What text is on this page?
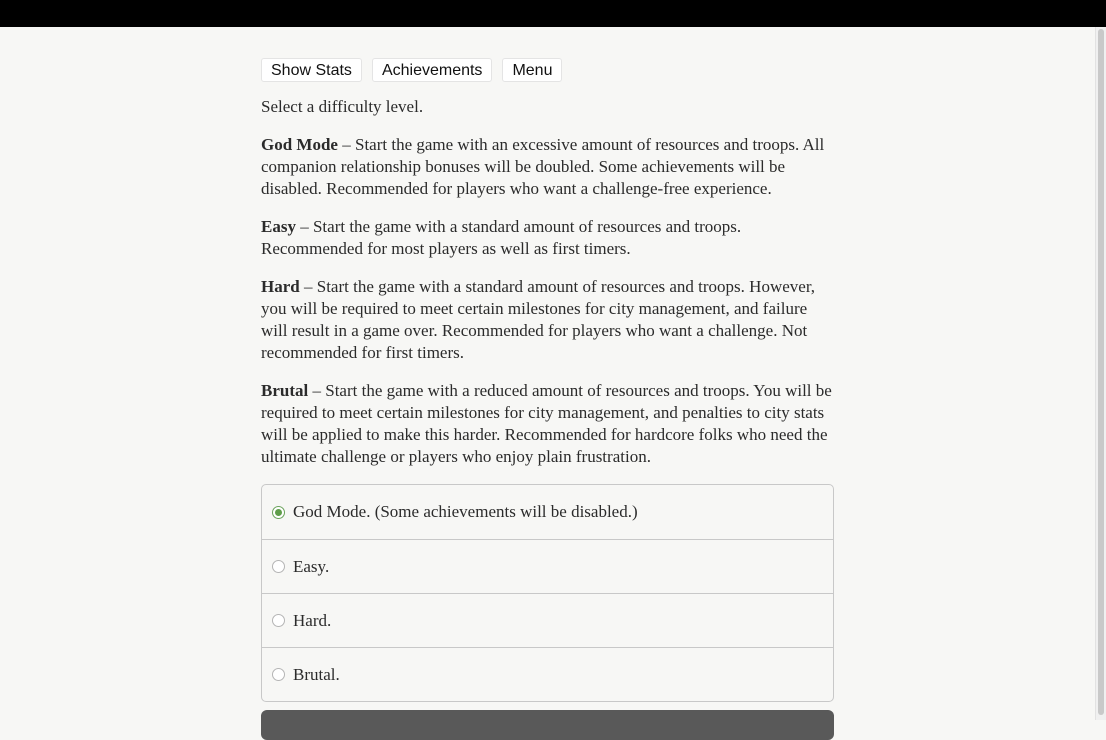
Show Stats	Achievements	Menu
Select a difficulty level.
God Mode – Start the game with an excessive amount of resources and troops. All companion relationship bonuses will be doubled. Some achievements will be disabled. Recommended for players who want a challenge-free experience.
Easy – Start the game with a standard amount of resources and troops. Recommended for most players as well as first timers.
Hard – Start the game with a standard amount of resources and troops. However, you will be required to meet certain milestones for city management, and failure will result in a game over. Recommended for players who want a challenge. Not recommended for first timers.
Brutal – Start the game with a reduced amount of resources and troops. You will be required to meet certain milestones for city management, and penalties to city stats will be applied to make this harder. Recommended for hardcore folks who need the ultimate challenge or players who enjoy plain frustration.
God Mode. (Some achievements will be disabled.)
Easy.
Hard.
Brutal.
